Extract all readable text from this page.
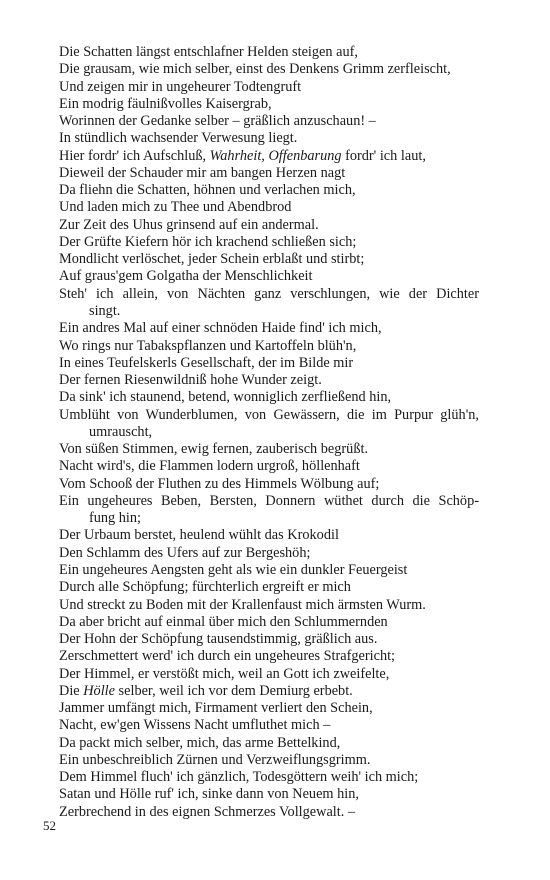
Die Schatten längst entschlafner Helden steigen auf,
Die grausam, wie mich selber, einst des Denkens Grimm zerfleischt,
Und zeigen mir in ungeheurer Todtengruft
Ein modrig fäulnißvolles Kaisergrab,
Worinnen der Gedanke selber – gräßlich anzuschaun! –
In stündlich wachsender Verwesung liegt.
Hier fordr' ich Aufschluß, Wahrheit, Offenbarung fordr' ich laut,
Dieweil der Schauder mir am bangen Herzen nagt
Da fliehn die Schatten, höhnen und verlachen mich,
Und laden mich zu Thee und Abendbrod
Zur Zeit des Uhus grinsend auf ein andermal.
Der Grüfte Kiefern hör ich krachend schließen sich;
Mondlicht verlöschet, jeder Schein erblaßt und stirbt;
Auf graus'gem Golgatha der Menschlichkeit
Steh' ich allein, von Nächten ganz verschlungen, wie der Dichter
singt.
Ein andres Mal auf einer schnöden Haide find' ich mich,
Wo rings nur Tabakspflanzen und Kartoffeln blüh'n,
In eines Teufelskerls Gesellschaft, der im Bilde mir
Der fernen Riesenwildniß hohe Wunder zeigt.
Da sink' ich staunend, betend, wonniglich zerfließend hin,
Umblüht von Wunderblumen, von Gewässern, die im Purpur glüh'n,
umrauscht,
Von süßen Stimmen, ewig fernen, zauberisch begrüßt.
Nacht wird's, die Flammen lodern urgroß, höllenhaft
Vom Schooß der Fluthen zu des Himmels Wölbung auf;
Ein ungeheures Beben, Bersten, Donnern wüthet durch die Schöp-
fung hin;
Der Urbaum berstet, heulend wühlt das Krokodil
Den Schlamm des Ufers auf zur Bergeshöh;
Ein ungeheures Aengsten geht als wie ein dunkler Feuergeist
Durch alle Schöpfung; fürchterlich ergreift er mich
Und streckt zu Boden mit der Krallenfaust mich ärmsten Wurm.
Da aber bricht auf einmal über mich den Schlummernden
Der Hohn der Schöpfung tausendstimmig, gräßlich aus.
Zerschmettert werd' ich durch ein ungeheures Strafgericht;
Der Himmel, er verstößt mich, weil an Gott ich zweifelte,
Die Hölle selber, weil ich vor dem Demiurg erbebt.
Jammer umfängt mich, Firmament verliert den Schein,
Nacht, ew'gen Wissens Nacht umfluthet mich –
Da packt mich selber, mich, das arme Bettelkind,
Ein unbeschreiblich Zürnen und Verzweiflungsgrimm.
Dem Himmel fluch' ich gänzlich, Todesgöttern weih' ich mich;
Satan und Hölle ruf' ich, sinke dann von Neuem hin,
Zerbrechend in des eignen Schmerzes Vollgewalt. –
52
